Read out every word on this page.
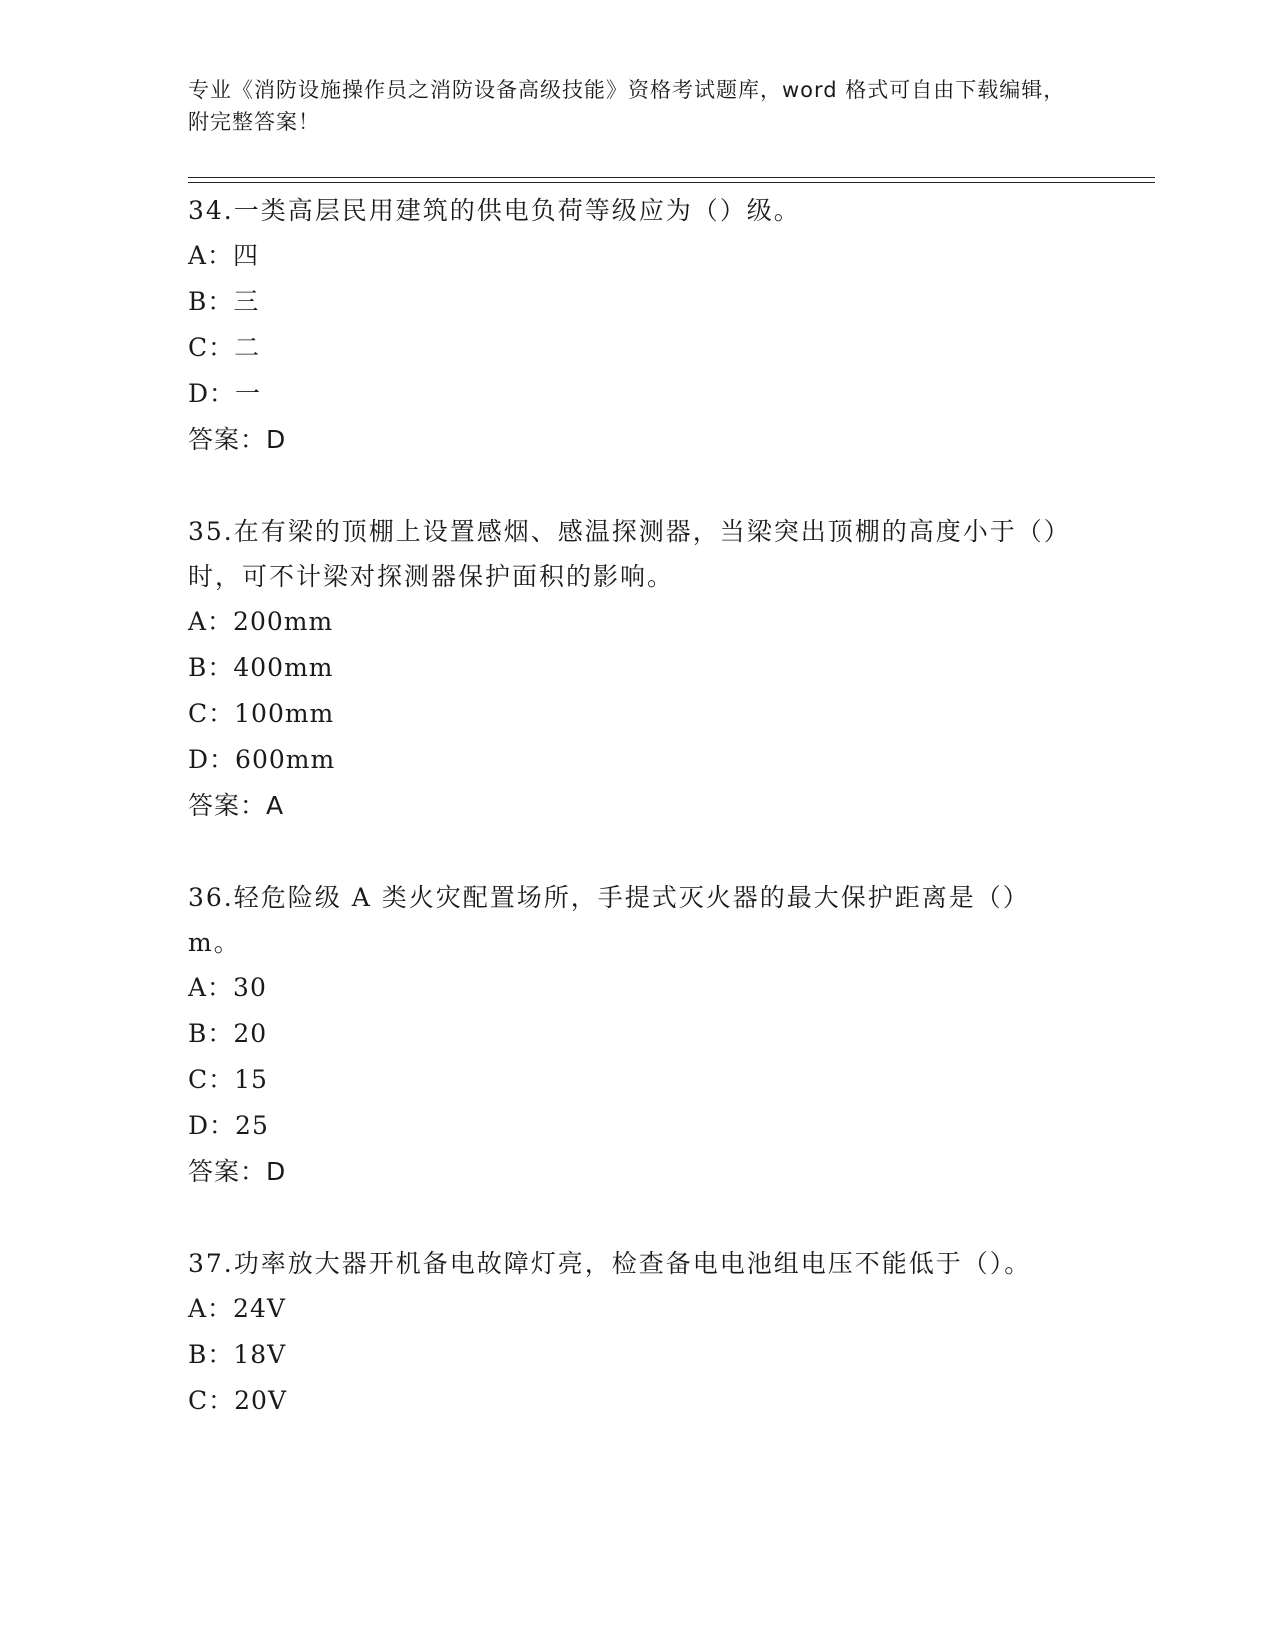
专业《消防设施操作员之消防设备高级技能》资格考试题库，word 格式可自由下载编辑，附完整答案！
34.一类高层民用建筑的供电负荷等级应为（）级。
A：四
B：三
C：二
D：一
答案：D
35.在有梁的顶棚上设置感烟、感温探测器，当梁突出顶棚的高度小于（）时，可不计梁对探测器保护面积的影响。
A：200mm
B：400mm
C：100mm
D：600mm
答案：A
36.轻危险级 A 类火灾配置场所，手提式灭火器的最大保护距离是（）m。
A：30
B：20
C：15
D：25
答案：D
37.功率放大器开机备电故障灯亮，检查备电电池组电压不能低于（）。
A：24V
B：18V
C：20V
